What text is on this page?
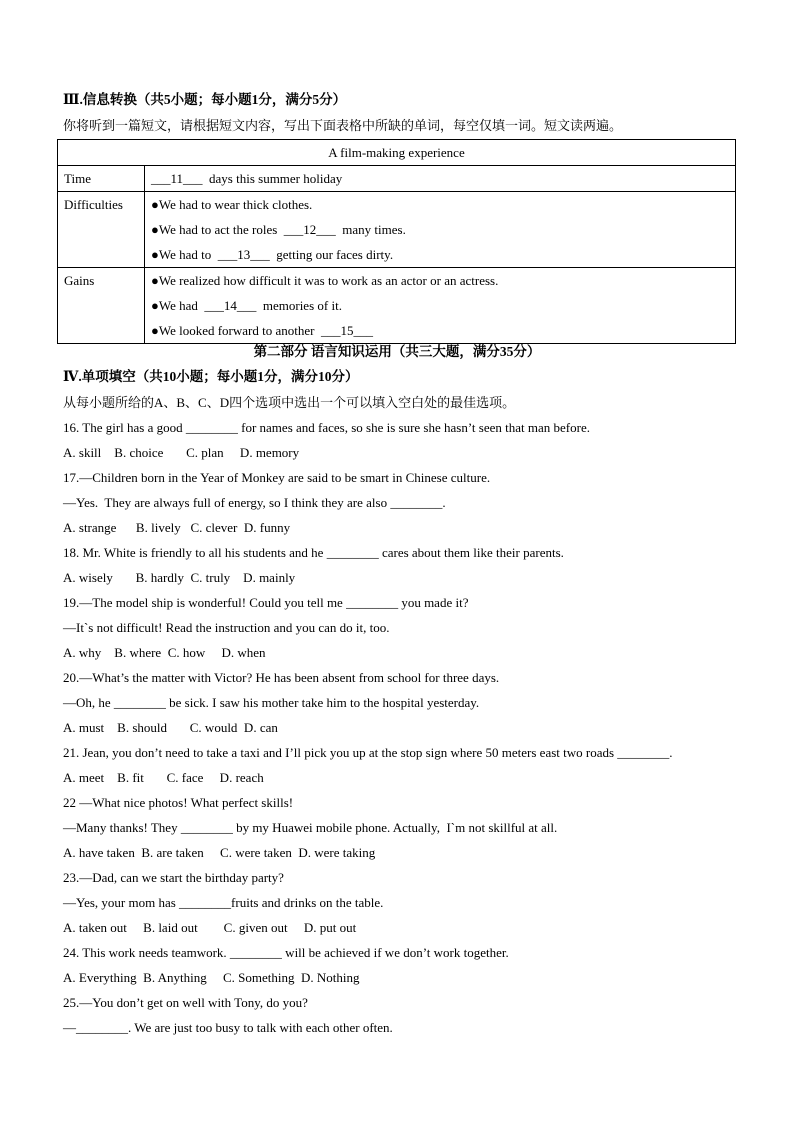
Ⅲ.信息转换（共5小题；每小题1分，满分5分）
你将听到一篇短文，请根据短文内容，写出下面表格中所缺的单词，每空仅填一词。短文读两遍。
A film-making experience	
Time	___11___  days this summer holiday

Difficulties	●We had to wear thick clothes.
●We had to act the roles  ___12___  many times.
●We had to  ___13___  getting our faces dirty.

Gains	●We realized how difficult it was to work as an actor or an actress.
●We had  ___14___  memories of it.
●We looked forward to another  ___15___
第二部分 语言知识运用（共三大题，满分35分）
Ⅳ.单项填空（共10小题；每小题1分，满分10分）
从每小题所给的A、B、C、D四个选项中选出一个可以填入空白处的最佳选项。
16. The girl has a good ________ for names and faces, so she is sure she hasn’t seen that man before.
A. skill    B. choice       C. plan     D. memory
17.—Children born in the Year of Monkey are said to be smart in Chinese culture.
—Yes.  They are always full of energy, so I think they are also ________.
A. strange      B. lively   C. clever  D. funny
18. Mr. White is friendly to all his students and he ________ cares about them like their parents.
A. wisely       B. hardly  C. truly    D. mainly
19.—The model ship is wonderful! Could you tell me ________ you made it?
—It`s not difficult! Read the instruction and you can do it, too.
A. why    B. where  C. how     D. when
20.—What’s the matter with Victor? He has been absent from school for three days.
—Oh, he ________ be sick. I saw his mother take him to the hospital yesterday.
A. must    B. should       C. would  D. can
21. Jean, you don’t need to take a taxi and I’ll pick you up at the stop sign where 50 meters east two roads ________.
A. meet    B. fit       C. face     D. reach
22 —What nice photos! What perfect skills!
—Many thanks! They ________ by my Huawei mobile phone. Actually,  I`m not skillful at all.
A. have taken  B. are taken     C. were taken  D. were taking
23.—Dad, can we start the birthday party?
—Yes, your mom has ________fruits and drinks on the table.
A. taken out     B. laid out        C. given out     D. put out
24. This work needs teamwork. ________ will be achieved if we don’t work together.
A. Everything  B. Anything     C. Something  D. Nothing
25.—You don’t get on well with Tony, do you?
—________. We are just too busy to talk with each other often.
